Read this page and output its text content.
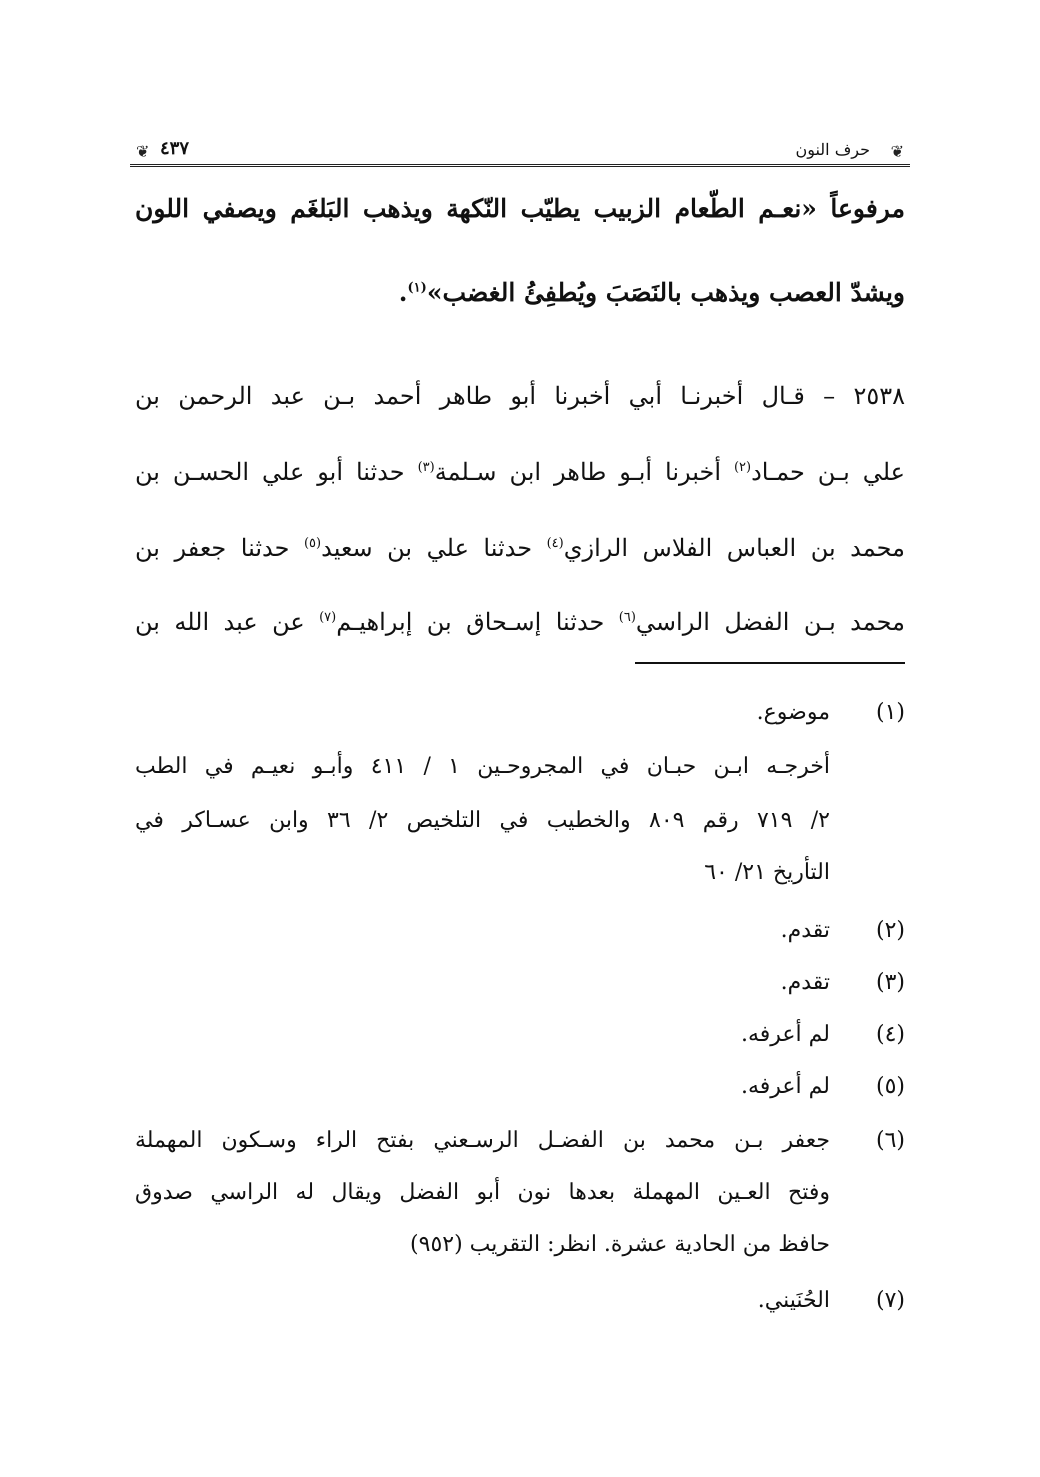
❦
حرف النون
٤٣٧
❦
مرفوعاً «نعـم الطّعام الزبيب يطيّب النّكهة ويذهب البَلغَم ويصفي اللون
ويشدّ العصب ويذهب بالنَصَبَ ويُطفِئُ الغضب»$^{(١)}$.
٢٥٣٨ – قـال أخبرنـا أبي أخبرنا أبو طاهر أحمد بـن عبد الرحمن بن
علي بـن حمـاد$^{(٢)}$ أخبرنا أبـو طاهر ابن سـلمة$^{(٣)}$ حدثنا أبو علي الحسـن بن
محمد بن العباس الفلاس الرازي$^{(٤)}$ حدثنا علي بن سعيد$^{(٥)}$ حدثنا جعفر بن
محمد بـن الفضل الراسي$^{(٦)}$ حدثنا إسـحاق بن إبراهيـم$^{(٧)}$ عن عبد الله بن
(١)
موضوع.
أخرجـه ابـن حبـان في المجروحـين ١ / ٤١١ وأبـو نعيـم في الطب
٢/ ٧١٩ رقم ٨٠٩ والخطيب في التلخيص ٢/ ٣٦ وابن عسـاكر في
التأريخ ٢١/ ٦٠
(٢)
تقدم.
(٣)
تقدم.
(٤)
لم أعرفه.
(٥)
لم أعرفه.
(٦)
جعفر بـن محمد بن الفضـل الرسـعني بفتح الراء وسـكون المهملة
وفتح العـين المهملة بعدها نون أبو الفضل ويقال له الراسي صدوق
حافظ من الحادية عشرة. انظر: التقريب (٩٥٢)
(٧)
الحُنَيني.
